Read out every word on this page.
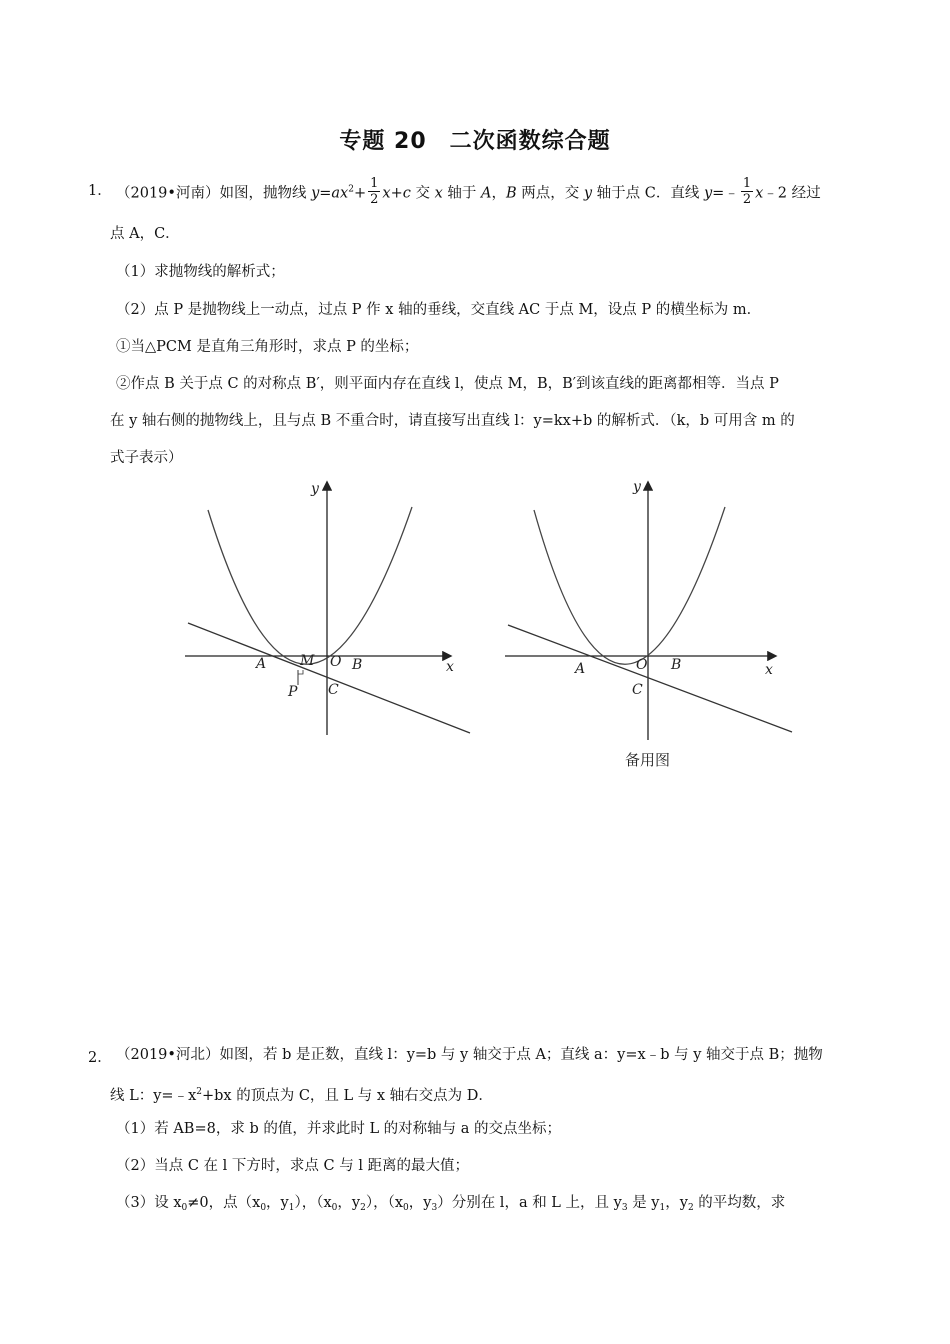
专题 20　二次函数综合题
1． （2019•河南）如图，抛物线 $y=ax^2+ \frac{1}{2} x+c$ 交 x 轴于 A，B 两点，交 y 轴于点 C．直线 y=﹣ $\frac{1}{2}$ x﹣2 经过
点 A，C．
（1）求抛物线的解析式；
（2）点 P 是抛物线上一动点，过点 P 作 x 轴的垂线，交直线 AC 于点 M，设点 P 的横坐标为 m．
①当△PCM 是直角三角形时，求点 P 的坐标；
②作点 B 关于点 C 的对称点 B′，则平面内存在直线 l，使点 M，B，B′到该直线的距离都相等．当点 P
在 y 轴右侧的抛物线上，且与点 B 不重合时，请直接写出直线 l：y=kx+b 的解析式．（k，b 可用含 m 的
式子表示）
y
x
A M O B
P C
y
x
A	O B
C
备用图
2． （2019•河北）如图，若 b 是正数，直线 l：y=b 与 y 轴交于点 A；直线 a：y=x﹣b 与 y 轴交于点 B；抛物
线 L：$y=﹣x^2+bx$ 的顶点为 C，且 L 与 x 轴右交点为 D．
（1）若 AB=8，求 b 的值，并求此时 L 的对称轴与 a 的交点坐标；
（2）当点 C 在 l 下方时，求点 C 与 l 距离的最大值；
（3）设 $x_0\ne 0$，点（$x_0$，$y_1$），（$x_0$，$y_2$），（$x_0$，$y_3$）分别在 l，a 和 L 上，且 $y_3$ 是 $y_1$，$y_2$ 的平均数，求
